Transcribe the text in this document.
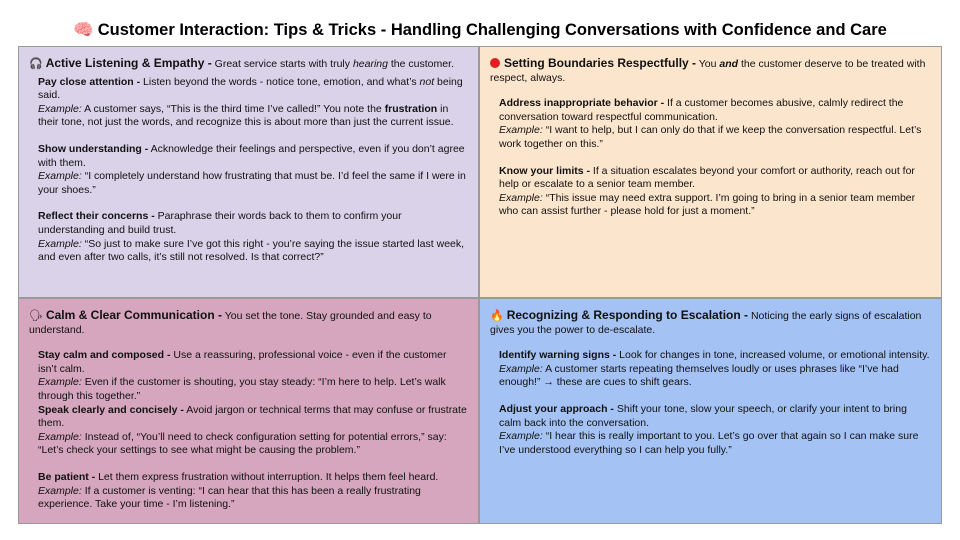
🧠 Customer Interaction: Tips & Tricks - Handling Challenging Conversations with Confidence and Care
🎧 Active Listening & Empathy - Great service starts with truly hearing the customer.
Pay close attention - Listen beyond the words - notice tone, emotion, and what’s not being said.
Example: A customer says, “This is the third time I’ve called!” You note the frustration in their tone, not just the words, and recognize this is about more than just the current issue.
Show understanding - Acknowledge their feelings and perspective, even if you don’t agree with them.
Example: “I completely understand how frustrating that must be. I’d feel the same if I were in your shoes.”
Reflect their concerns - Paraphrase their words back to them to confirm your understanding and build trust.
Example: “So just to make sure I’ve got this right - you’re saying the issue started last week, and even after two calls, it’s still not resolved. Is that correct?”
Setting Boundaries Respectfully - You and the customer deserve to be treated with respect, always.
Address inappropriate behavior - If a customer becomes abusive, calmly redirect the conversation toward respectful communication.
Example: “I want to help, but I can only do that if we keep the conversation respectful. Let’s work together on this.”
Know your limits - If a situation escalates beyond your comfort or authority, reach out for help or escalate to a senior team member.
Example: “This issue may need extra support. I’m going to bring in a senior team member who can assist further - please hold for just a moment.”
🗣 Calm & Clear Communication - You set the tone. Stay grounded and easy to understand.
Stay calm and composed - Use a reassuring, professional voice - even if the customer isn’t calm.
Example: Even if the customer is shouting, you stay steady: “I’m here to help. Let’s walk through this together.”
Speak clearly and concisely - Avoid jargon or technical terms that may confuse or frustrate them.
Example: Instead of, “You’ll need to check configuration setting for potential errors,” say: “Let’s check your settings to see what might be causing the problem.”
Be patient - Let them express frustration without interruption. It helps them feel heard.
Example: If a customer is venting: “I can hear that this has been a really frustrating experience. Take your time - I’m listening.”
🔥 Recognizing & Responding to Escalation - Noticing the early signs of escalation gives you the power to de-escalate.
Identify warning signs - Look for changes in tone, increased volume, or emotional intensity.
Example: A customer starts repeating themselves loudly or uses phrases like “I’ve had enough!” → these are cues to shift gears.
Adjust your approach - Shift your tone, slow your speech, or clarify your intent to bring calm back into the conversation.
Example: “I hear this is really important to you. Let’s go over that again so I can make sure I’ve understood everything so I can help you fully.”
